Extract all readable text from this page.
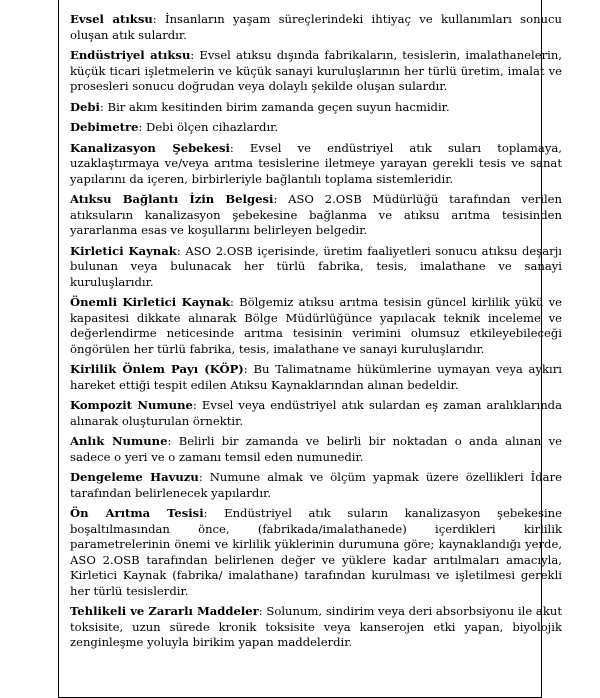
Evsel atıksu: İnsanların yaşam süreçlerindeki ihtiyaç ve kullanımları sonucu oluşan atık sulardır.

Endüstriyel atıksu: Evsel atıksu dışında fabrikaların, tesislerin, imalathanelerin, küçük ticari işletmelerin ve küçük sanayi kuruluşlarının her türlü üretim, imalat ve prosesleri sonucu doğrudan veya dolaylı şekilde oluşan sulardır.

Debi: Bir akım kesitinden birim zamanda geçen suyun hacmidir.

Debimetre: Debi ölçen cihazlardır.

Kanalizasyon Şebekesi: Evsel ve endüstriyel atık suları toplamaya, uzaklaştırmaya ve/veya arıtma tesislerine iletmeye yarayan gerekli tesis ve sanat yapılarını da içeren, birbirleriyle bağlantılı toplama sistemleridir.

Atıksu Bağlantı İzin Belgesi: ASO 2.OSB Müdürlüğü tarafından verilen atıksuların kanalizasyon şebekesine bağlanma ve atıksu arıtma tesisinden yararlanma esas ve koşullarını belirleyen belgedir.

Kirletici Kaynak: ASO 2.OSB içerisinde, üretim faaliyetleri sonucu atıksu deşarjı bulunan veya bulunacak her türlü fabrika, tesis, imalathane ve sanayi kuruluşlarıdır.

Önemli Kirletici Kaynak: Bölgemiz atıksu arıtma tesisin güncel kirlilik yükü ve kapasitesi dikkate alınarak Bölge Müdürlüğünce yapılacak teknik inceleme ve değerlendirme neticesinde arıtma tesisinin verimini olumsuz etkileyebileceği öngörülen her türlü fabrika, tesis, imalathane ve sanayi kuruluşlarıdır.

Kirlilik Önlem Payı (KÖP): Bu Talimatname hükümlerine uymayan veya aykırı hareket ettiği tespit edilen Atıksu Kaynaklarından alınan bedeldir.

Kompozit Numune: Evsel veya endüstriyel atık sulardan eş zaman aralıklarında alınarak oluşturulan örnektir.

Anlık Numune: Belirli bir zamanda ve belirli bir noktadan o anda alınan ve sadece o yeri ve o zamanı temsil eden numunedir.

Dengeleme Havuzu: Numune almak ve ölçüm yapmak üzere özellikleri İdare tarafından belirlenecek yapılardır.

Ön Arıtma Tesisi: Endüstriyel atık suların kanalizasyon şebekesine boşaltılmasından önce, (fabrikada/imalathanede) içerdikleri kirlilik parametrelerinin önemi ve kirlilik yüklerinin durumuna göre; kaynaklandığı yerde, ASO 2.OSB tarafından belirlenen değer ve yüklere kadar arıtılmaları amacıyla, Kirletici Kaynak (fabrika/ imalathane) tarafından kurulması ve işletilmesi gerekli her türlü tesislerdir.

Tehlikeli ve Zararlı Maddeler: Solunum, sindirim veya deri absorbsiyonu ile akut toksisite, uzun sürede kronik toksisite veya kanserojen etki yapan, biyolojik zenginleşme yoluyla birikim yapan maddelerdir.
